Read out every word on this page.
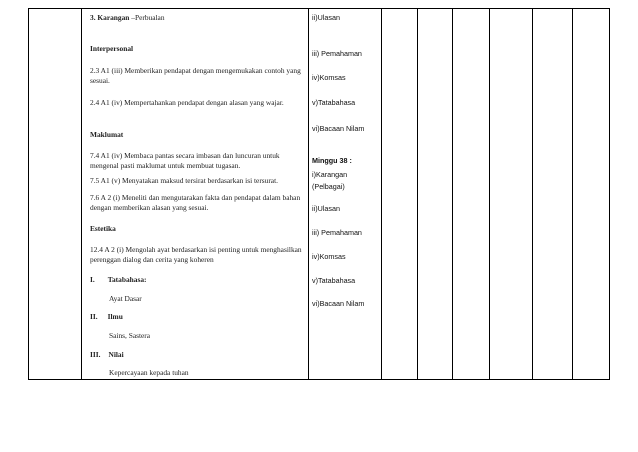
3. Karangan –Perbualan

Interpersonal

2.3 A1 (iii) Memberikan pendapat dengan mengemukakan contoh yang sesuai.

2.4 A1 (iv) Mempertahankan pendapat dengan alasan yang wajar.

Maklumat

7.4 A1 (iv) Membaca pantas secara imbasan dan luncuran untuk mengenal pasti maklumat untuk membuat tugasan.

7.5 A1 (v) Menyatakan maksud tersirat berdasarkan isi tersurat.

7.6 A 2 (i) Meneliti dan mengutarakan fakta dan pendapat dalam bahan dengan memberikan alasan yang sesuai.

Estetika

12.4 A 2 (i) Mengolah ayat berdasarkan isi penting untuk menghasilkan perenggan dialog dan cerita yang koheren

I. Tatabahasa:

Ayat Dasar

II. Ilmu

Sains, Sastera

III. Nilai

Kepercayaan kepada tuhan

ii)Ulasan

iii) Pemahaman

iv)Komsas

v)Tatabahasa

vi)Bacaan Nilam

Minggu 38 :

i)Karangan

(Pelbagai)

ii)Ulasan

iii) Pemahaman

iv)Komsas

v)Tatabahasa

vi)Bacaan Nilam
